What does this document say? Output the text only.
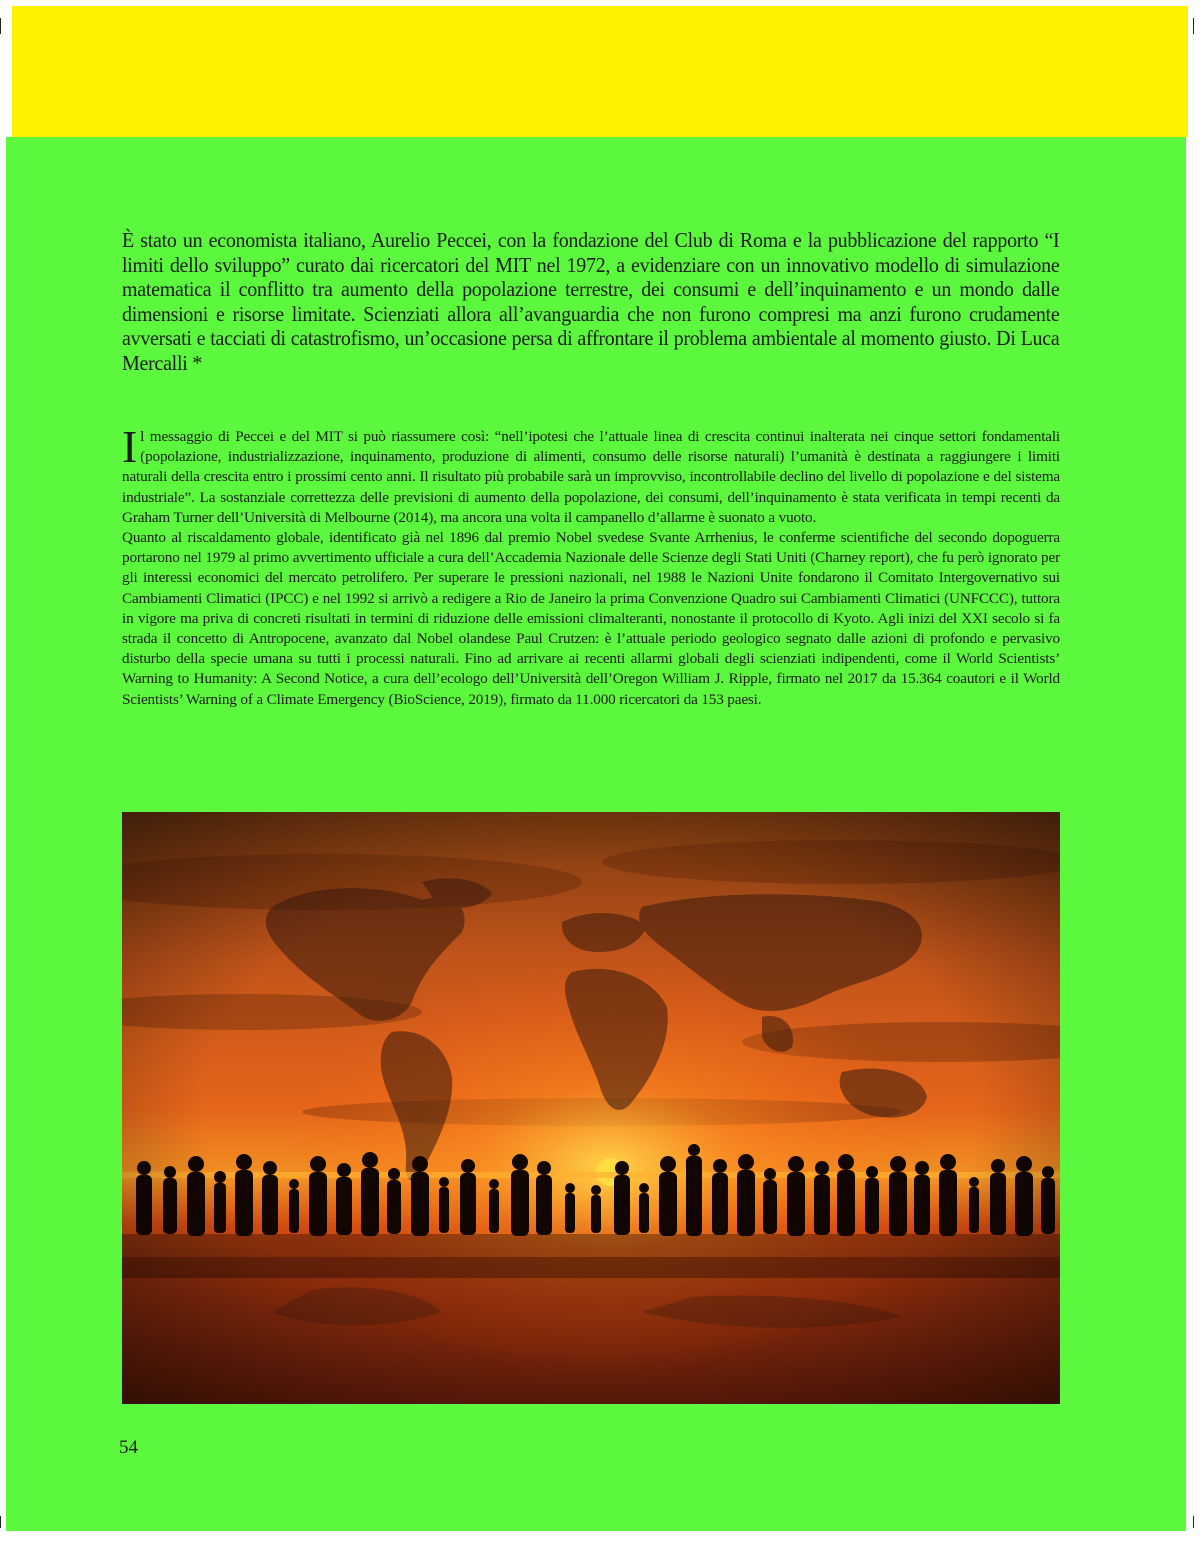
È stato un economista italiano, Aurelio Peccei, con la fondazione del Club di Roma e la pubblicazione del rapporto “I limiti dello sviluppo” curato dai ricercatori del MIT nel 1972, a evidenziare con un innovativo modello di simulazione matematica il conflitto tra aumento della popolazione terrestre, dei consumi e dell’inquinamento e un mondo dalle dimensioni e risorse limitate. Scienziati allora all’avanguardia che non furono compresi ma anzi furono crudamente avversati e tacciati di catastrofismo, un’occasione persa di affrontare il problema ambientale al momento giusto. Di Luca Mercalli *

Il messaggio di Peccei e del MIT si può riassumere così: “nell’ipotesi che l’attuale linea di crescita continui inalterata nei cinque settori fondamentali (popolazione, industrializzazione, inquinamento, produzione di alimenti, consumo delle risorse naturali) l’umanità è destinata a raggiungere i limiti naturali della crescita entro i prossimi cento anni. Il risultato più probabile sarà un improvviso, incontrollabile declino del livello di popolazione e del sistema industriale”. La sostanziale correttezza delle previsioni di aumento della popolazione, dei consumi, dell’inquinamento è stata verificata in tempi recenti da Graham Turner dell’Università di Melbourne (2014), ma ancora una volta il campanello d’allarme è suonato a vuoto.

Quanto al riscaldamento globale, identificato già nel 1896 dal premio Nobel svedese Svante Arrhenius, le conferme scientifiche del secondo dopoguerra portarono nel 1979 al primo avvertimento ufficiale a cura dell’Accademia Nazionale delle Scienze degli Stati Uniti (Charney report), che fu però ignorato per gli interessi economici del mercato petrolifero. Per superare le pressioni nazionali, nel 1988 le Nazioni Unite fondarono il Comitato Intergovernativo sui Cambiamenti Climatici (IPCC) e nel 1992 si arrivò a redigere a Rio de Janeiro la prima Convenzione Quadro sui Cambiamenti Climatici (UNFCCC), tuttora in vigore ma priva di concreti risultati in termini di riduzione delle emissioni climalteranti, nonostante il protocollo di Kyoto. Agli inizi del XXI secolo si fa strada il concetto di Antropocene, avanzato dal Nobel olandese Paul Crutzen: è l’attuale periodo geologico segnato dalle azioni di profondo e pervasivo disturbo della specie umana su tutti i processi naturali. Fino ad arrivare ai recenti allarmi globali degli scienziati indipendenti, come il World Scientists’ Warning to Humanity: A Second Notice, a cura dell’ecologo dell’Università dell’Oregon William J. Ripple, firmato nel 2017 da 15.364 coautori e il World Scientists’ Warning of a Climate Emergency (BioScience, 2019), firmato da 11.000 ricercatori da 153 paesi.

54
